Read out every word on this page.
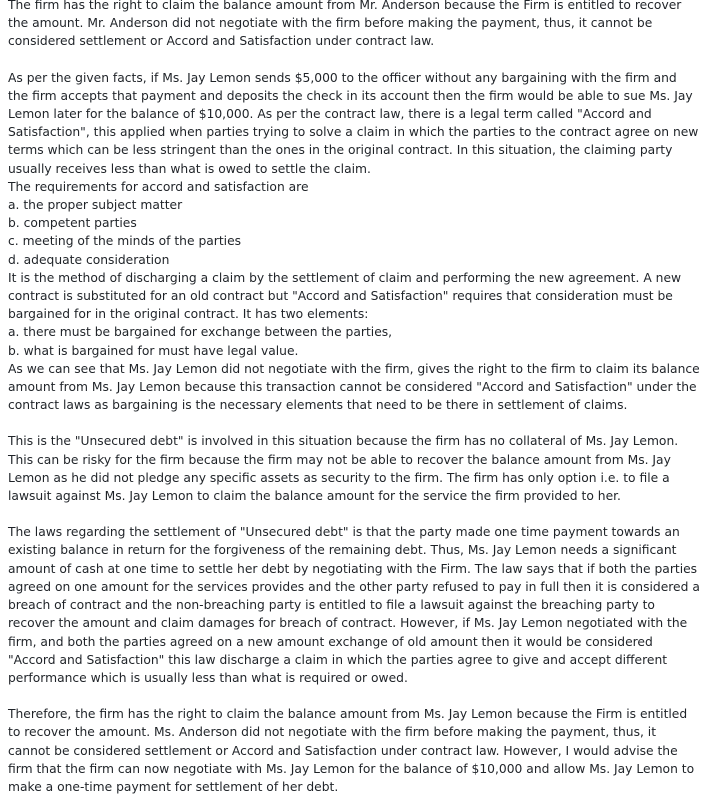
The firm has the right to claim the balance amount from Mr. Anderson because the Firm is entitled to recover the amount. Mr. Anderson did not negotiate with the firm before making the payment, thus, it cannot be considered settlement or Accord and Satisfaction under contract law.

As per the given facts, if Ms. Jay Lemon sends $5,000 to the officer without any bargaining with the firm and the firm accepts that payment and deposits the check in its account then the firm would be able to sue Ms. Jay Lemon later for the balance of $10,000. As per the contract law, there is a legal term called "Accord and Satisfaction", this applied when parties trying to solve a claim in which the parties to the contract agree on new terms which can be less stringent than the ones in the original contract. In this situation, the claiming party usually receives less than what is owed to settle the claim.
The requirements for accord and satisfaction are
a. the proper subject matter
b. competent parties
c. meeting of the minds of the parties
d. adequate consideration
It is the method of discharging a claim by the settlement of claim and performing the new agreement. A new contract is substituted for an old contract but "Accord and Satisfaction" requires that consideration must be bargained for in the original contract. It has two elements:
a. there must be bargained for exchange between the parties,
b. what is bargained for must have legal value.
As we can see that Ms. Jay Lemon did not negotiate with the firm, gives the right to the firm to claim its balance amount from Ms. Jay Lemon because this transaction cannot be considered "Accord and Satisfaction" under the contract laws as bargaining is the necessary elements that need to be there in settlement of claims.

This is the "Unsecured debt" is involved in this situation because the firm has no collateral of Ms. Jay Lemon. This can be risky for the firm because the firm may not be able to recover the balance amount from Ms. Jay Lemon as he did not pledge any specific assets as security to the firm. The firm has only option i.e. to file a lawsuit against Ms. Jay Lemon to claim the balance amount for the service the firm provided to her.

The laws regarding the settlement of "Unsecured debt" is that the party made one time payment towards an existing balance in return for the forgiveness of the remaining debt. Thus, Ms. Jay Lemon needs a significant amount of cash at one time to settle her debt by negotiating with the Firm. The law says that if both the parties agreed on one amount for the services provides and the other party refused to pay in full then it is considered a breach of contract and the non-breaching party is entitled to file a lawsuit against the breaching party to recover the amount and claim damages for breach of contract. However, if Ms. Jay Lemon negotiated with the firm, and both the parties agreed on a new amount exchange of old amount then it would be considered "Accord and Satisfaction" this law discharge a claim in which the parties agree to give and accept different performance which is usually less than what is required or owed.

Therefore, the firm has the right to claim the balance amount from Ms. Jay Lemon because the Firm is entitled to recover the amount. Ms. Anderson did not negotiate with the firm before making the payment, thus, it cannot be considered settlement or Accord and Satisfaction under contract law. However, I would advise the firm that the firm can now negotiate with Ms. Jay Lemon for the balance of $10,000 and allow Ms. Jay Lemon to make a one-time payment for settlement of her debt.
